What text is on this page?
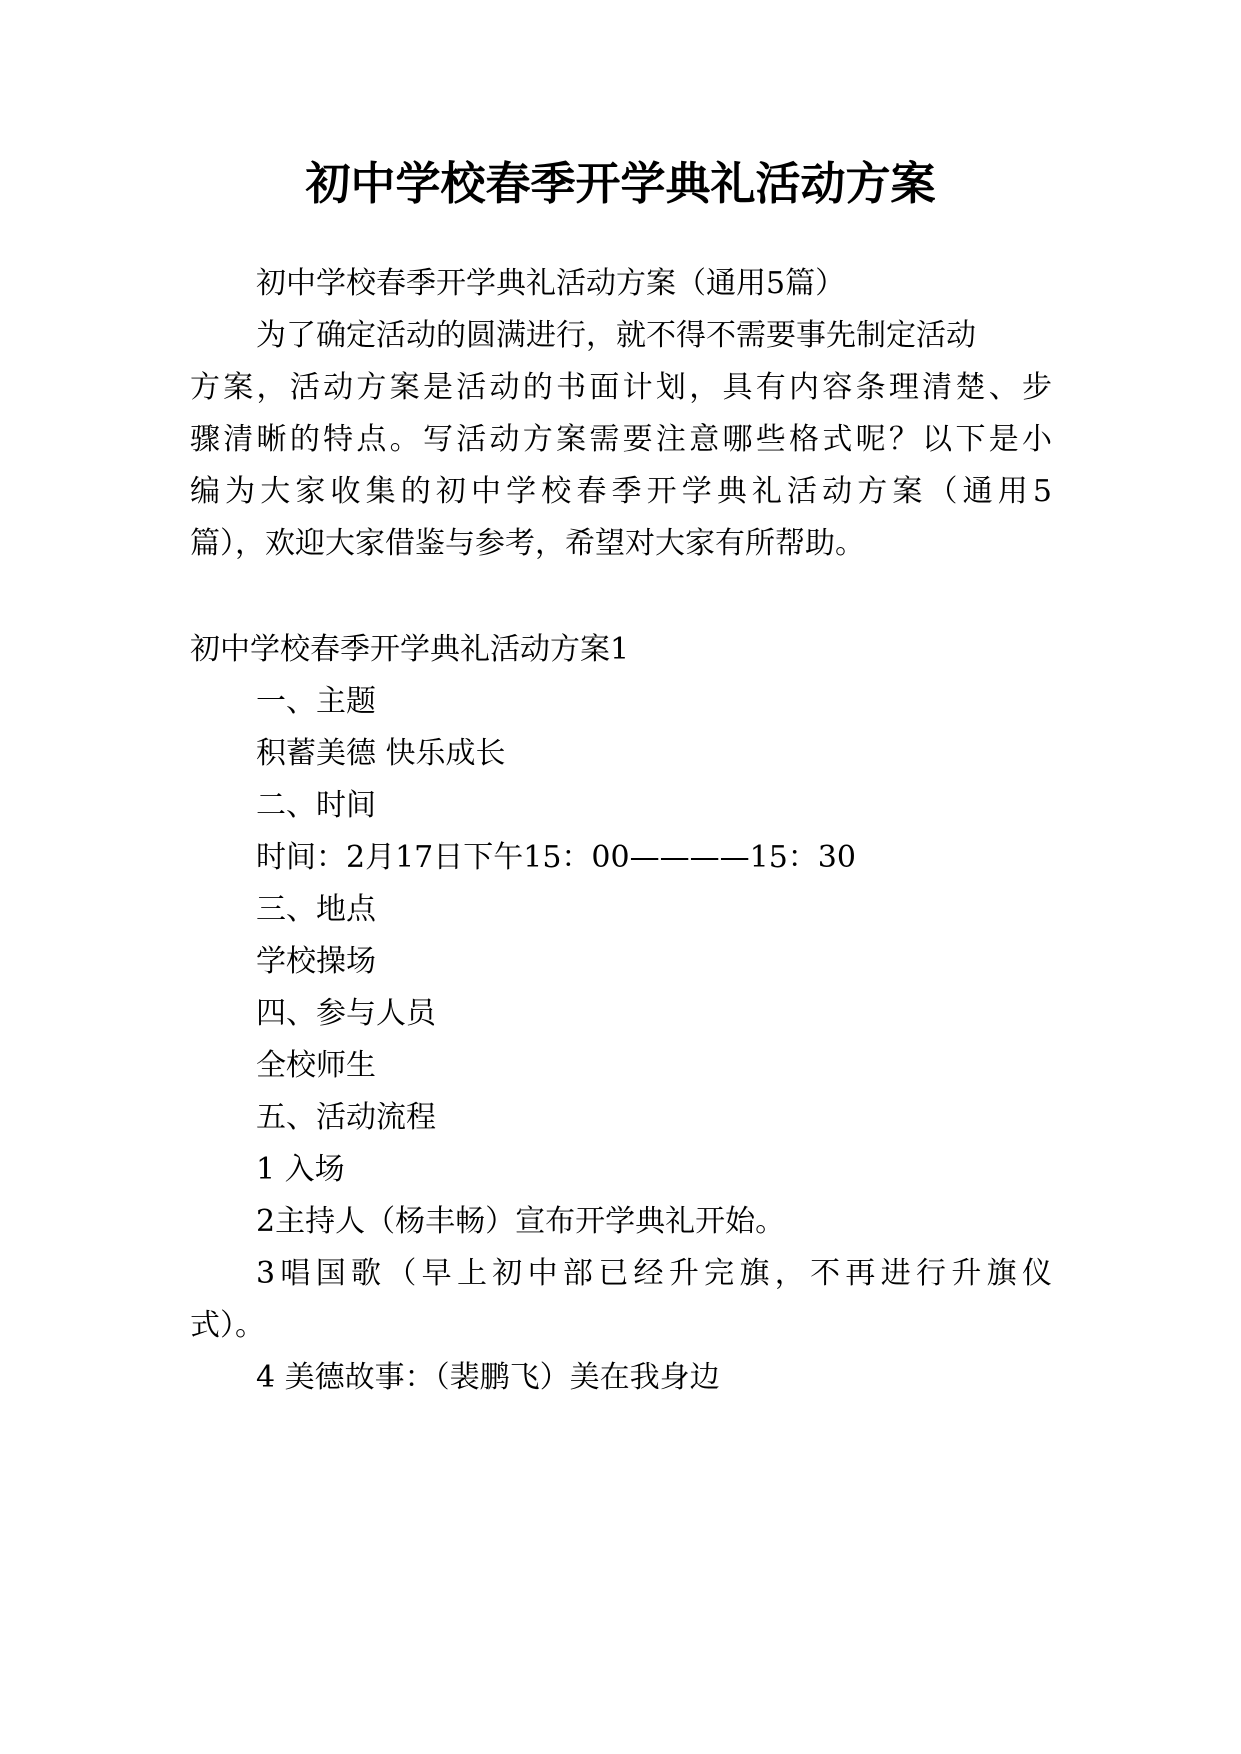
初中学校春季开学典礼活动方案

初中学校春季开学典礼活动方案（通用5篇）

为了确定活动的圆满进行，就不得不需要事先制定活动

方案，活动方案是活动的书面计划，具有内容条理清楚、步

骤清晰的特点。写活动方案需要注意哪些格式呢？以下是小

编为大家收集的初中学校春季开学典礼活动方案（通用5

篇），欢迎大家借鉴与参考，希望对大家有所帮助。

初中学校春季开学典礼活动方案1

一、主题

积蓄美德 快乐成长

二、时间

时间：2月17日下午15：00————15：30

三、地点

学校操场

四、参与人员

全校师生

五、活动流程

1 入场

2主持人（杨丰畅）宣布开学典礼开始。

3唱国歌（早上初中部已经升完旗，不再进行升旗仪

式）。

4 美德故事：（裴鹏飞）美在我身边
